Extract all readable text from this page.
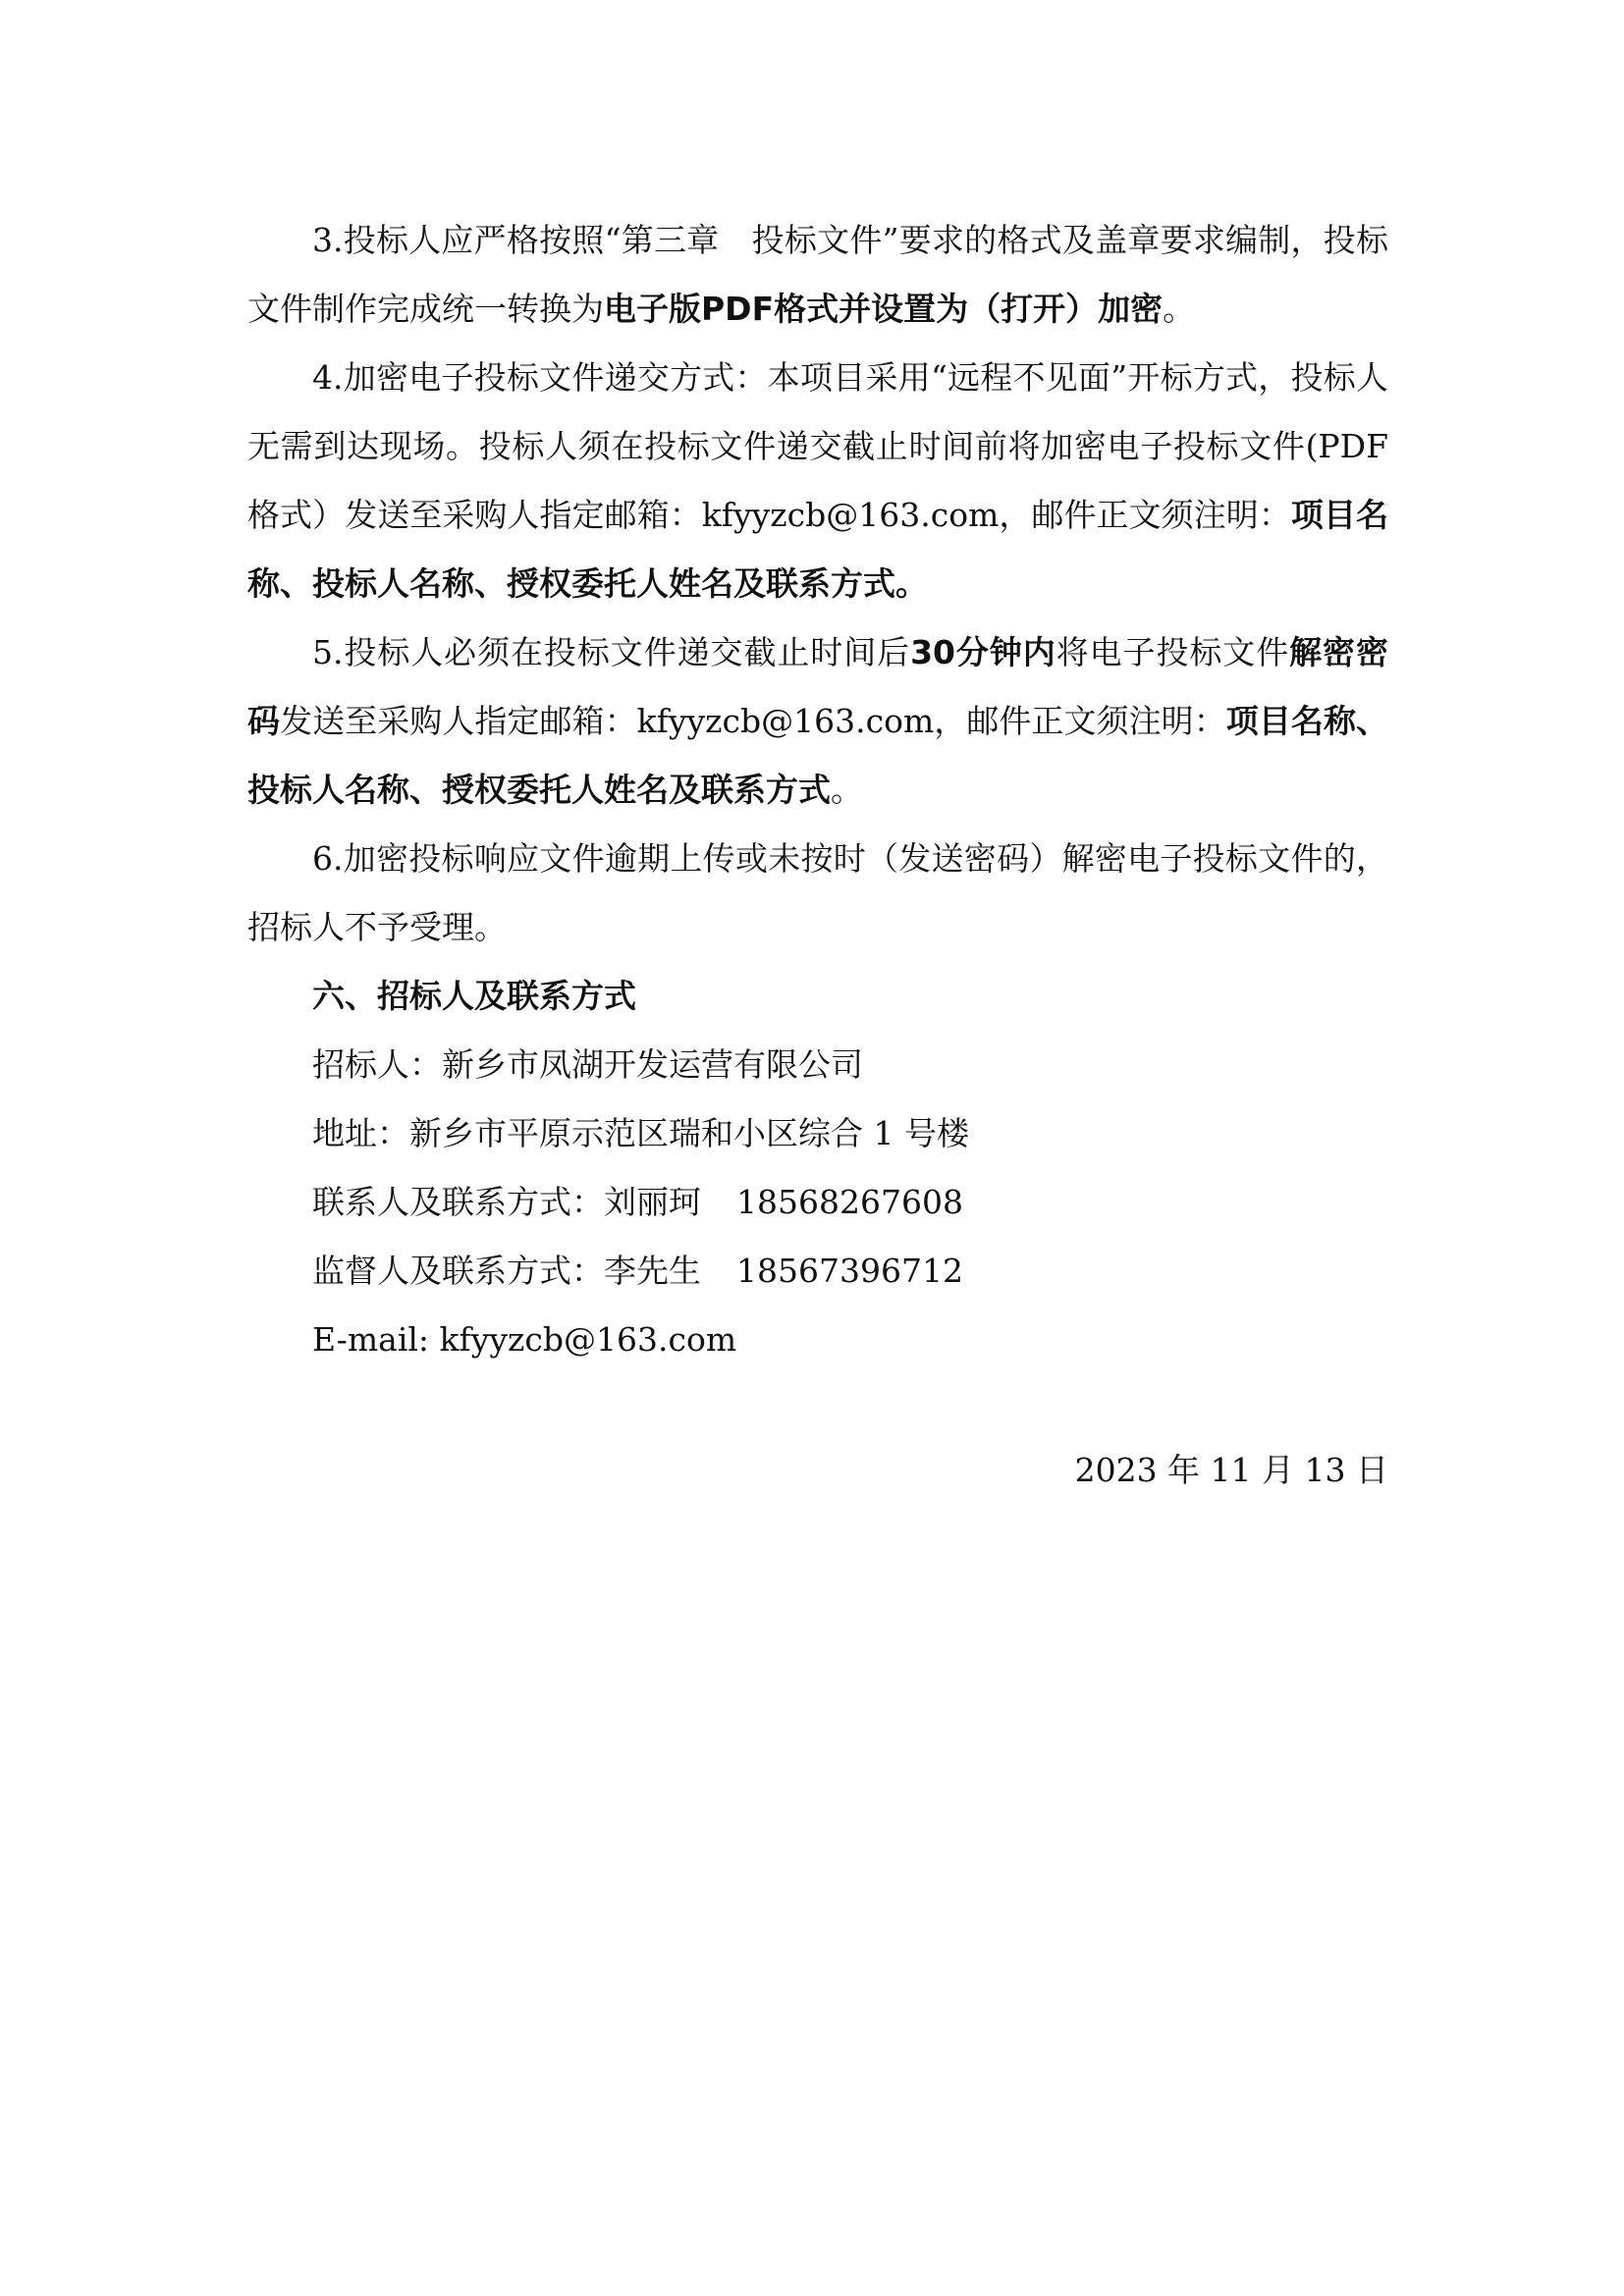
3.投标人应严格按照“第三章　投标文件”要求的格式及盖章要求编制，投标文件制作完成统一转换为电子版PDF格式并设置为（打开）加密。

4.加密电子投标文件递交方式：本项目采用“远程不见面”开标方式，投标人无需到达现场。投标人须在投标文件递交截止时间前将加密电子投标文件(PDF格式）发送至采购人指定邮箱：kfyyzcb@163.com，邮件正文须注明：项目名称、投标人名称、授权委托人姓名及联系方式。

5.投标人必须在投标文件递交截止时间后30分钟内将电子投标文件解密密码发送至采购人指定邮箱：kfyyzcb@163.com，邮件正文须注明：项目名称、投标人名称、授权委托人姓名及联系方式。

6.加密投标响应文件逾期上传或未按时（发送密码）解密电子投标文件的，招标人不予受理。

六、招标人及联系方式

招标人：新乡市凤湖开发运营有限公司

地址：新乡市平原示范区瑞和小区综合 1 号楼

联系人及联系方式：刘丽珂 18568267608

监督人及联系方式：李先生 18567396712

E-mail: kfyyzcb@163.com

2023 年 11 月 13 日
